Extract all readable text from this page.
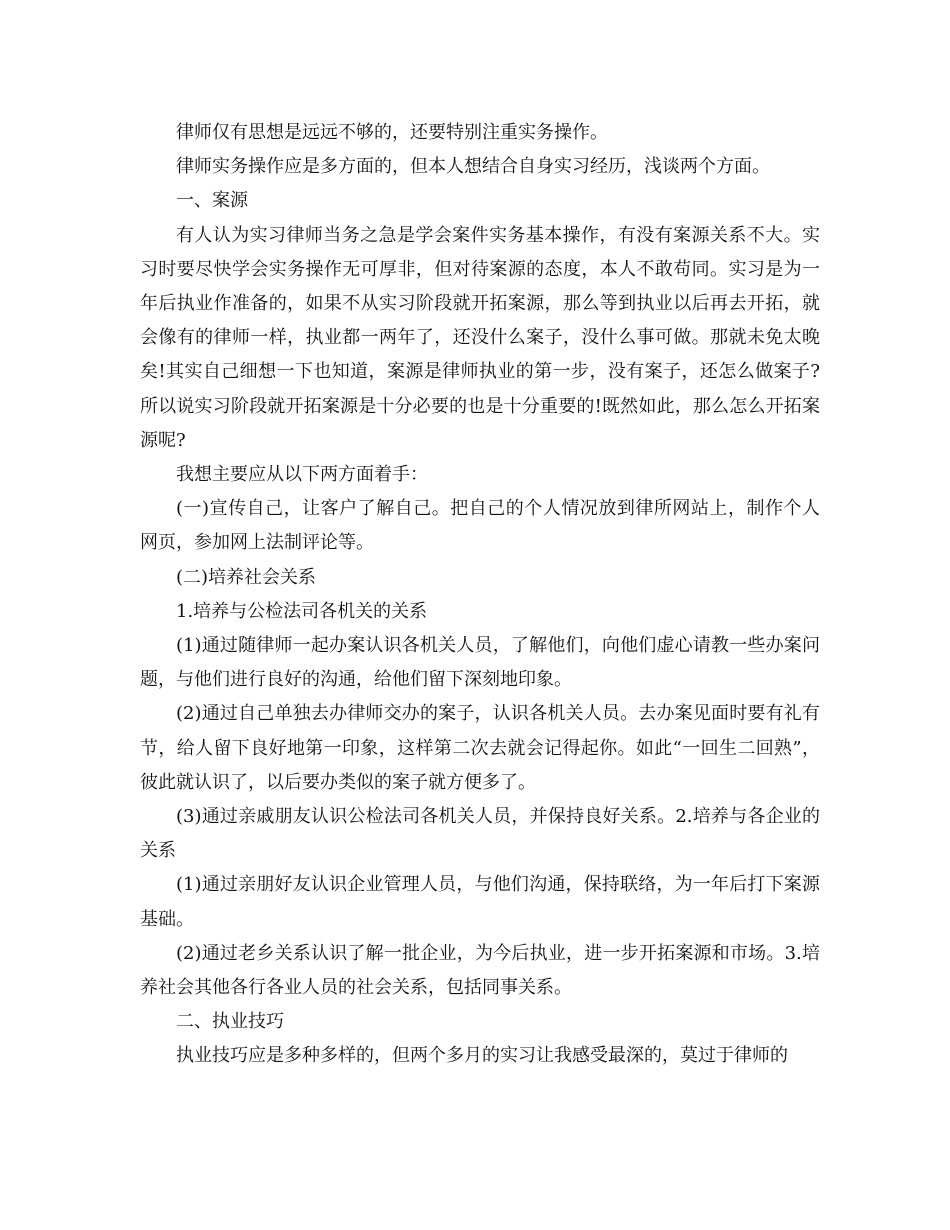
律师仅有思想是远远不够的，还要特别注重实务操作。

律师实务操作应是多方面的，但本人想结合自身实习经历，浅谈两个方面。

一、案源

有人认为实习律师当务之急是学会案件实务基本操作，有没有案源关系不大。实习时要尽快学会实务操作无可厚非，但对待案源的态度，本人不敢苟同。实习是为一年后执业作准备的，如果不从实习阶段就开拓案源，那么等到执业以后再去开拓，就会像有的律师一样，执业都一两年了，还没什么案子，没什么事可做。那就未免太晚矣!其实自己细想一下也知道，案源是律师执业的第一步，没有案子，还怎么做案子?所以说实习阶段就开拓案源是十分必要的也是十分重要的!既然如此，那么怎么开拓案源呢?

我想主要应从以下两方面着手：

(一)宣传自己，让客户了解自己。把自己的个人情况放到律所网站上，制作个人网页，参加网上法制评论等。

(二)培养社会关系

1.培养与公检法司各机关的关系

(1)通过随律师一起办案认识各机关人员，了解他们，向他们虚心请教一些办案问题，与他们进行良好的沟通，给他们留下深刻地印象。

(2)通过自己单独去办律师交办的案子，认识各机关人员。去办案见面时要有礼有节，给人留下良好地第一印象，这样第二次去就会记得起你。如此“一回生二回熟”，彼此就认识了，以后要办类似的案子就方便多了。

(3)通过亲戚朋友认识公检法司各机关人员，并保持良好关系。2.培养与各企业的关系

(1)通过亲朋好友认识企业管理人员，与他们沟通，保持联络，为一年后打下案源基础。

(2)通过老乡关系认识了解一批企业，为今后执业，进一步开拓案源和市场。3.培养社会其他各行各业人员的社会关系，包括同事关系。

二、执业技巧

执业技巧应是多种多样的，但两个多月的实习让我感受最深的，莫过于律师的
